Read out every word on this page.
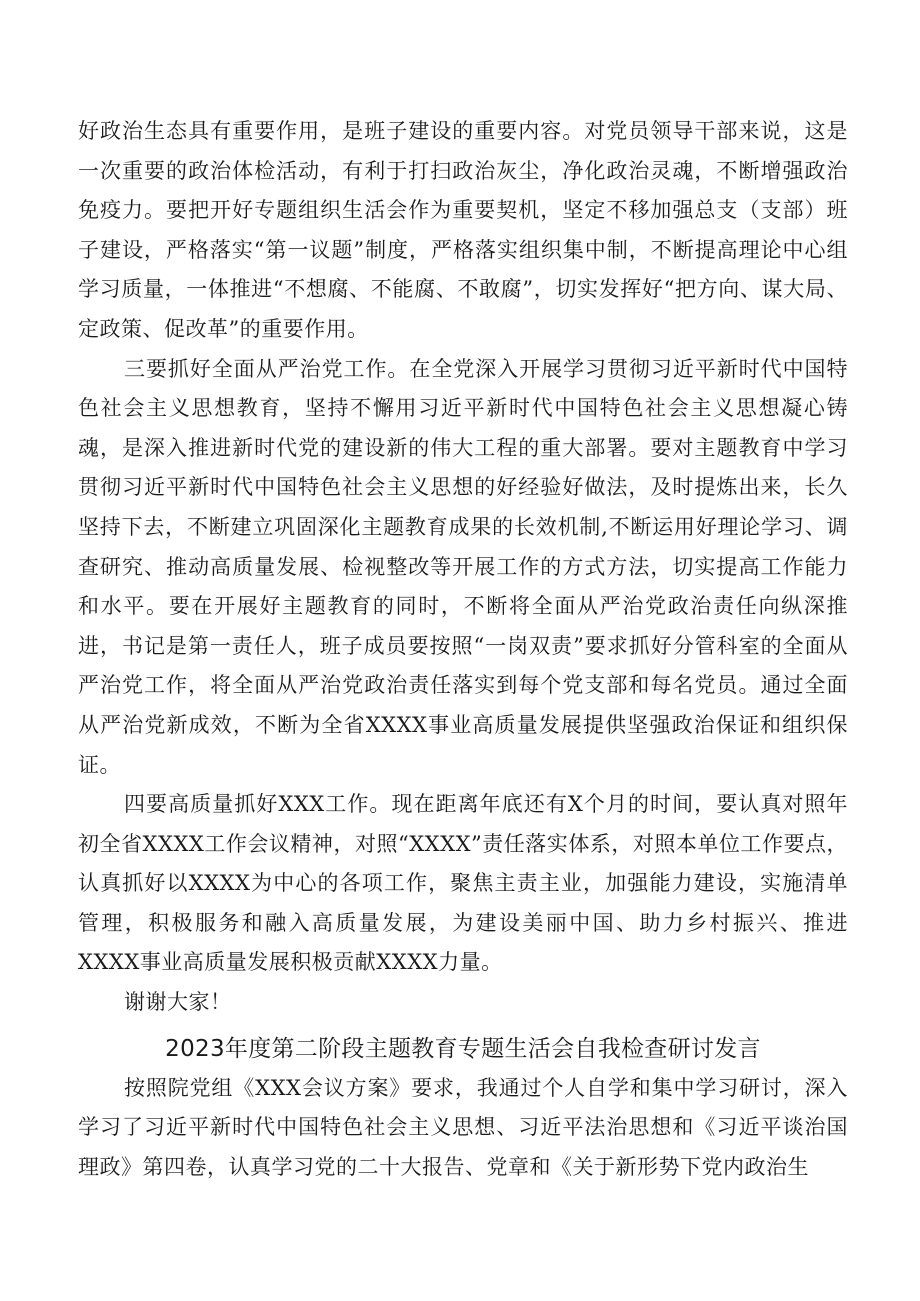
好政治生态具有重要作用，是班子建设的重要内容。对党员领导干部来说，这是一次重要的政治体检活动，有利于打扫政治灰尘，净化政治灵魂，不断增强政治免疫力。要把开好专题组织生活会作为重要契机，坚定不移加强总支（支部）班子建设，严格落实“第一议题”制度，严格落实组织集中制，不断提高理论中心组学习质量，一体推进“不想腐、不能腐、不敢腐”，切实发挥好“把方向、谋大局、定政策、促改革”的重要作用。

三要抓好全面从严治党工作。在全党深入开展学习贯彻习近平新时代中国特色社会主义思想教育，坚持不懈用习近平新时代中国特色社会主义思想凝心铸魂，是深入推进新时代党的建设新的伟大工程的重大部署。要对主题教育中学习贯彻习近平新时代中国特色社会主义思想的好经验好做法，及时提炼出来，长久坚持下去，不断建立巩固深化主题教育成果的长效机制,不断运用好理论学习、调查研究、推动高质量发展、检视整改等开展工作的方式方法，切实提高工作能力和水平。要在开展好主题教育的同时，不断将全面从严治党政治责任向纵深推进，书记是第一责任人，班子成员要按照“一岗双责”要求抓好分管科室的全面从严治党工作，将全面从严治党政治责任落实到每个党支部和每名党员。通过全面从严治党新成效，不断为全省XXXX事业高质量发展提供坚强政治保证和组织保证。

四要高质量抓好XXX工作。现在距离年底还有X个月的时间，要认真对照年初全省XXXX工作会议精神，对照“XXXX”责任落实体系，对照本单位工作要点，认真抓好以XXXX为中心的各项工作，聚焦主责主业，加强能力建设，实施清单管理，积极服务和融入高质量发展，为建设美丽中国、助力乡村振兴、推进XXXX事业高质量发展积极贡献XXXX力量。

谢谢大家！

2023年度第二阶段主题教育专题生活会自我检查研讨发言

按照院党组《XXX会议方案》要求，我通过个人自学和集中学习研讨，深入学习了习近平新时代中国特色社会主义思想、习近平法治思想和《习近平谈治国理政》第四卷，认真学习党的二十大报告、党章和《关于新形势下党内政治生
